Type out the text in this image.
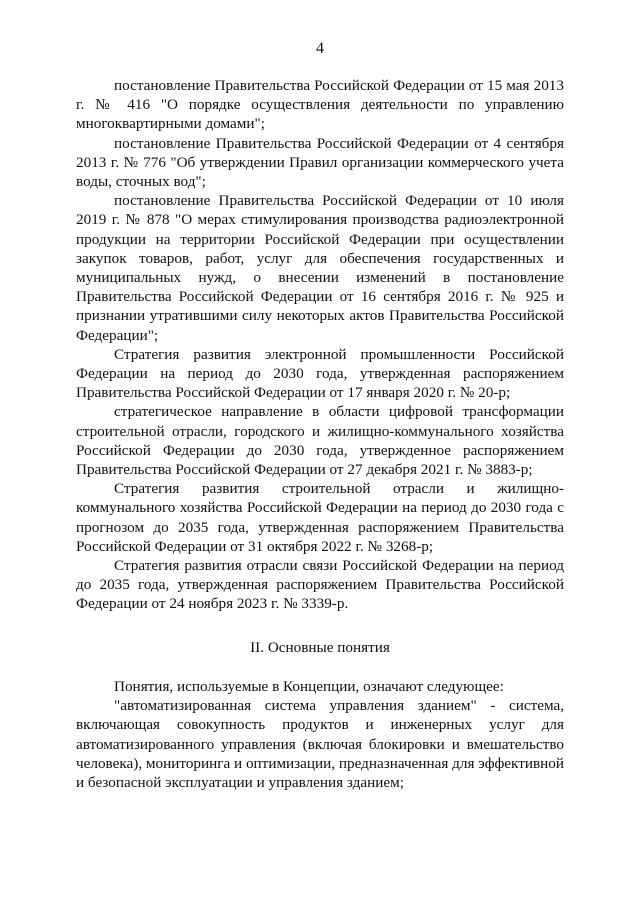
4

постановление Правительства Российской Федерации от 15 мая 2013 г. № 416 "О порядке осуществления деятельности по управлению многоквартирными домами";

постановление Правительства Российской Федерации от 4 сентября 2013 г. № 776 "Об утверждении Правил организации коммерческого учета воды, сточных вод";

постановление Правительства Российской Федерации от 10 июля 2019 г. № 878 "О мерах стимулирования производства радиоэлектронной продукции на территории Российской Федерации при осуществлении закупок товаров, работ, услуг для обеспечения государственных и муниципальных нужд, о внесении изменений в постановление Правительства Российской Федерации от 16 сентября 2016 г. № 925 и признании утратившими силу некоторых актов Правительства Российской Федерации";

Стратегия развития электронной промышленности Российской Федерации на период до 2030 года, утвержденная распоряжением Правительства Российской Федерации от 17 января 2020 г. № 20-р;

стратегическое направление в области цифровой трансформации строительной отрасли, городского и жилищно-коммунального хозяйства Российской Федерации до 2030 года, утвержденное распоряжением Правительства Российской Федерации от 27 декабря 2021 г. № 3883-р;

Стратегия развития строительной отрасли и жилищно-коммунального хозяйства Российской Федерации на период до 2030 года с прогнозом до 2035 года, утвержденная распоряжением Правительства Российской Федерации от 31 октября 2022 г. № 3268-р;

Стратегия развития отрасли связи Российской Федерации на период до 2035 года, утвержденная распоряжением Правительства Российской Федерации от 24 ноября 2023 г. № 3339-р.

II. Основные понятия

Понятия, используемые в Концепции, означают следующее:

"автоматизированная система управления зданием" - система, включающая совокупность продуктов и инженерных услуг для автоматизированного управления (включая блокировки и вмешательство человека), мониторинга и оптимизации, предназначенная для эффективной и безопасной эксплуатации и управления зданием;
